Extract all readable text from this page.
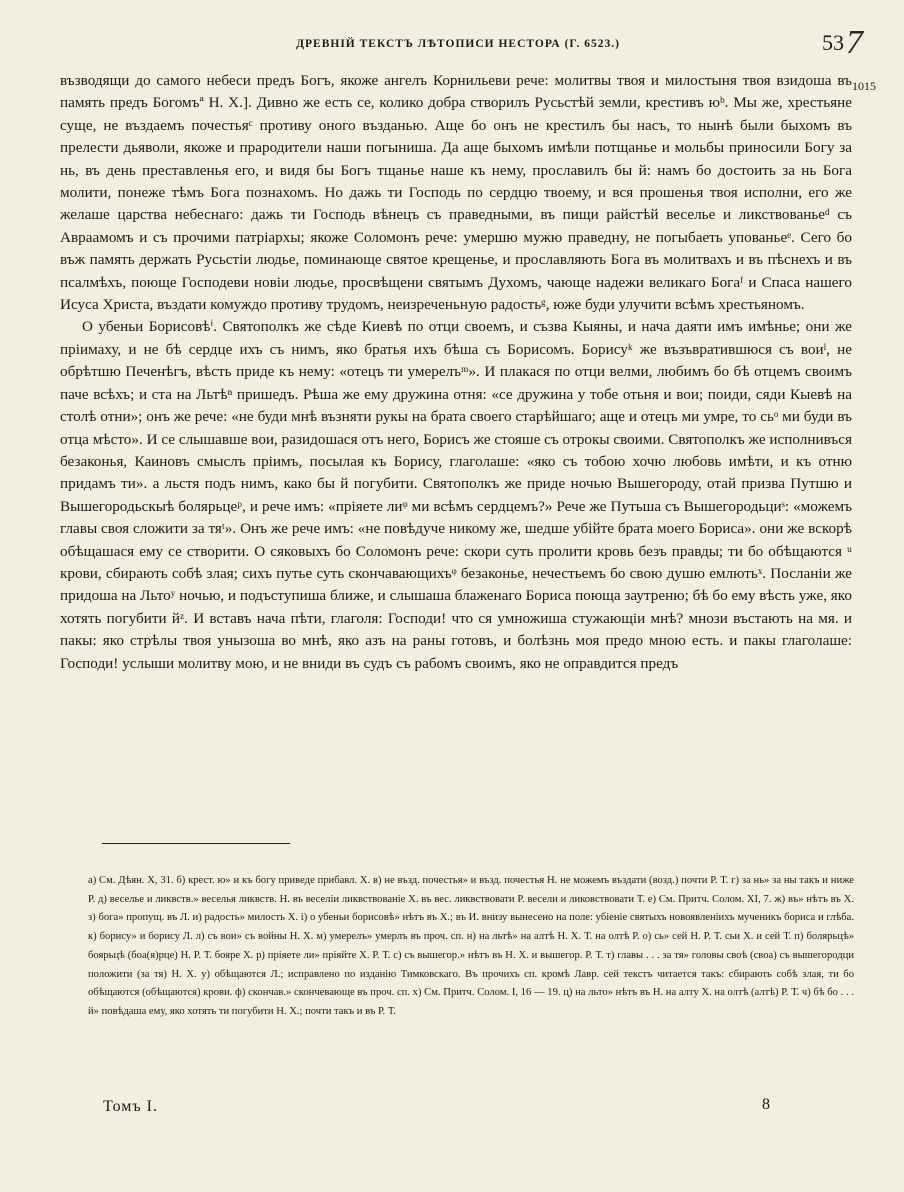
ДРЕВНІЙ ТЕКСТЪ ЛѢТОПИСИ НЕСТОРА (Г. 6523.)	53 7
1015

възводящи до самого небеси предъ Богъ, якоже ангелъ Корнильеви рече: молитвы твоя и милостыня твоя взидоша въ память предъ Богомъª Н. Х.]. Дивно же есть се, колико добра створилъ Русьстѣй земли, крестивъ юᵇ. Мы же, хрестьяне суще, не въздаемъ почестьяᶜ противу оного възданью. Аще бо онъ не крестилъ бы насъ, то нынѣ были быхомъ въ прелести дьяволи, якоже и прародители наши погыниша. Да аще быхомъ имѣли потщанье и мольбы приносили Богу за нь, въ день преставленья его, и видя бы Богъ тщанье наше къ нему, прославилъ бы й: намъ бо достоить за нь Бога молити, понеже тѣмъ Бога познахомъ. Но дажь ти Господь по сердцю твоему, и вся прошенья твоя исполни, его же желаше царства небеснаго: дажь ти Господь вѣнецъ съ праведными, въ пищи райстѣй веселье и ликствованьеᵈ съ Авраамомъ и съ прочими патріархы; якоже Соломонъ рече: умершю мужю праведну, не погыбаеть упованьеᵉ. Сего бо въж память держать Русьстіи людье, поминающе святое крещенье, и прославляють Бога въ молитвахъ и въ пѣснехъ и въ псалмѣхъ, поюще Господеви новіи людье, просвѣщени святымъ Духомъ, чающе надежи великаго Богаᶠ и Спаса нашего Исуса Христа, въздати комуждо противу трудомъ, неизреченьную радостьᵍ, юже буди улучити всѣмъ хрестьяномъ.

О убеньи Борисовѣⁱ. Святополкъ же сѣде Киевѣ по отци своемъ, и съзва Кыяны, и нача даяти имъ имѣнье; они же пріимаху, и не бѣ сердце ихъ съ нимъ, яко братья ихъ бѣша съ Борисомъ. Борисуᵏ же възъвратившюся съ воиˡ, не обрѣтшю Печенѣгъ, вѣсть приде къ нему: «отецъ ти умерелъᵐ». И плакася по отци велми, любимъ бо бѣ отцемъ своимъ паче всѣхъ; и ста на Льтѣⁿ пришедъ. Рѣша же ему дружина отня: «се дружина у тобе отьня и вои; поиди, сяди Кыевѣ на столѣ отни»; онъ же рече: «не буди мнѣ възняти рукы на брата своего старѣйшаго; аще и отецъ ми умре, то сьᵒ ми буди въ отца мѣсто». И се слышавше вои, разидошася отъ него, Борисъ же стояше съ отрокы своими. Святополкъ же исполнивъся безаконья, Каиновъ смыслъ пріимъ, посылая къ Борису, глаголаше: «яко съ тобою хочю любовь имѣти, и къ отню придамъ ти». а льстя подъ нимъ, како бы й погубити. Святополкъ же приде ночью Вышегороду, отай призва Путшю и Вышегородьскыѣ болярьцеᵖ, и рече имъ: «пріяете лиᵠ ми всѣмъ сердцемъ?» Рече же Путьша съ Вышегородьциˢ: «можемъ главы своя сложити за тяᵗ». Онъ же рече имъ: «не повѣдуче никому же, шедше убійте брата моего Бориса». они же вскорѣ обѣщашася ему се створити. О сяковыхъ бо Соломонъ рече: скори суть пролити кровь безъ правды; ти бо обѣщаются ᵘ крови, сбирають собѣ злая; сихъ путье суть скончавающихъᵠ безаконье, нечестьемъ бо свою душю емлютьˣ. Посланіи же придоша на Льтоʸ ночью, и подъступиша ближе, и слышаша блаженаго Бориса поюща заутреню; бѣ бо ему вѣсть уже, яко хотять погубити йᶻ. И вставъ нача пѣти, глаголя: Господи! что ся умножиша стужающіи мнѣ? мнози въстають на мя. и пакы: яко стрѣлы твоя унызоша во мнѣ, яко азъ на раны готовъ, и болѣзнь моя предо мною есть. и пакы глаголаше: Господи! услыши молитву мою, и не вниди въ судъ съ рабомъ своимъ, яко не оправдится предъ

а) См. Дѣян. X, 31. б) крест. ю» и къ богу приведе прибавл. Х. в) не възд. почестья» и възд. почестья Н. не можемъ въздати (возд.) почти Р. Т. г) за нь» за ны такъ и ниже Р. д) веселье и ликвств.» веселья ликвств. Н. въ веселіи ликвствованіе Х. въ вес. ликвствовати Р. весели и ликовствовати Т. е) См. Притч. Солом. XI, 7. ж) въ» нѣтъ въ Х. з) бога» пропущ. въ Л. и) радость» милость Х. і) о убеньи борисовѣ» нѣтъ въ Х.; въ И. внизу вынесено на поле: убіеніе святыхъ новоявленіихъ мученикъ бориса и глѣба. к) борису» и борису Л. л) съ вои» съ войны Н. Х. м) умерелъ» умерлъ въ проч. сп. н) на льтѣ» на алтѣ Н. Х. Т. на олтѣ Р. о) сь» сей Н. Р. Т. сьи Х. и сей Т. п) болярьцѣ» боярьцѣ (боа(я)рце) Н. Р. Т. бояре Х. р) пріяете ли» пріяйте Х. Р. Т. с) съ вышегор.» нѣтъ въ Н. Х. и вышегор. Р. Т. т) главы . . . за тя» головы своѣ (своа) съ вышегородци положити (за тя) Н. Х. у) обѣщаются Л.; исправлено по изданію Тимковскаго. Въ прочихъ сп. кромѣ Лавр. сей текстъ читается такъ: сбирають собѣ злая, ти бо обѣщаются (обѣщаются) крови. ф) скончав.» скончевающе въ проч. сп. х) См. Притч. Солом. I, 16 — 19. ц) на льто» нѣтъ въ Н. на алту Х. на олтѣ (алтѣ) Р. Т. ч) бѣ бо . . . й» повѣдаша ему, яко хотять ти погубити Н. Х.; почти такъ и въ Р. Т.

Томъ І.	8
